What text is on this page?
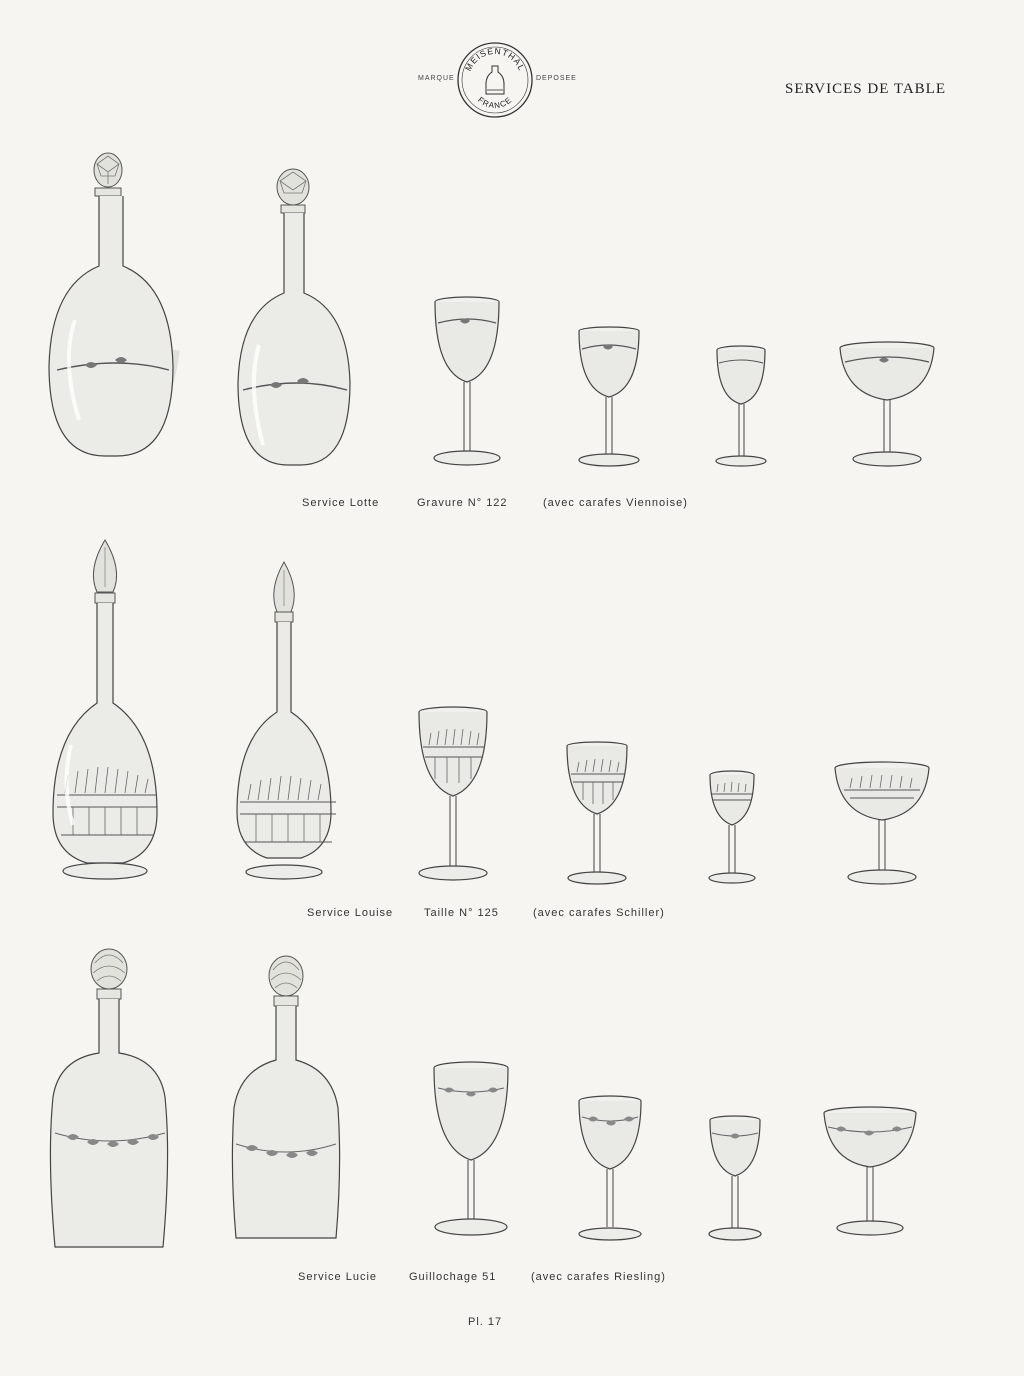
MARQUE
MEISENTHAL
FRANCE
DEPOSEE
SERVICES DE TABLE
Service Lotte	Gravure N° 122	(avec carafes Viennoise)
Service Louise	Taille N° 125	(avec carafes Schiller)
Service Lucie	Guillochage 51	(avec carafes Riesling)
Pl. 17
